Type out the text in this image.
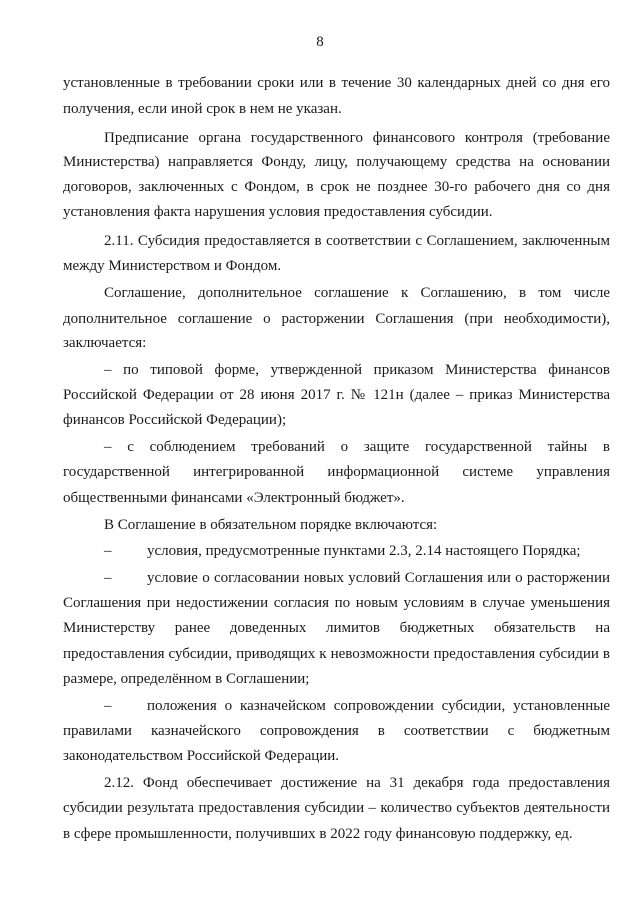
8
установленные в требовании сроки или в течение 30 календарных дней со дня его
получения, если иной срок в нем не указан.
Предписание органа государственного финансового контроля (требование
Министерства) направляется Фонду, лицу, получающему средства на основании
договоров, заключенных с Фондом, в срок не позднее 30-го рабочего дня со дня
установления факта нарушения условия предоставления субсидии.
2.11. Субсидия предоставляется в соответствии с Соглашением, заключенным
между Министерством и Фондом.
Соглашение, дополнительное соглашение к Соглашению, в том числе
дополнительное соглашение о расторжении Соглашения (при необходимости),
заключается:
– по типовой форме, утвержденной приказом Министерства финансов
Российской Федерации от 28 июня 2017 г. № 121н (далее – приказ Министерства
финансов Российской Федерации);
– с соблюдением требований о защите государственной тайны в
государственной интегрированной информационной системе управления
общественными финансами «Электронный бюджет».
В Соглашение в обязательном порядке включаются:
– условия, предусмотренные пунктами 2.3, 2.14 настоящего Порядка;
– условие о согласовании новых условий Соглашения или о расторжении
Соглашения при недостижении согласия по новым условиям в случае уменьшения
Министерству ранее доведенных лимитов бюджетных обязательств на
предоставления субсидии, приводящих к невозможности предоставления субсидии в
размере, определённом в Соглашении;
– положения о казначейском сопровождении субсидии, установленные
правилами казначейского сопровождения в соответствии с бюджетным
законодательством Российской Федерации.
2.12. Фонд обеспечивает достижение на 31 декабря года предоставления
субсидии результата предоставления субсидии – количество субъектов деятельности
в сфере промышленности, получивших в 2022 году финансовую поддержку, ед.
